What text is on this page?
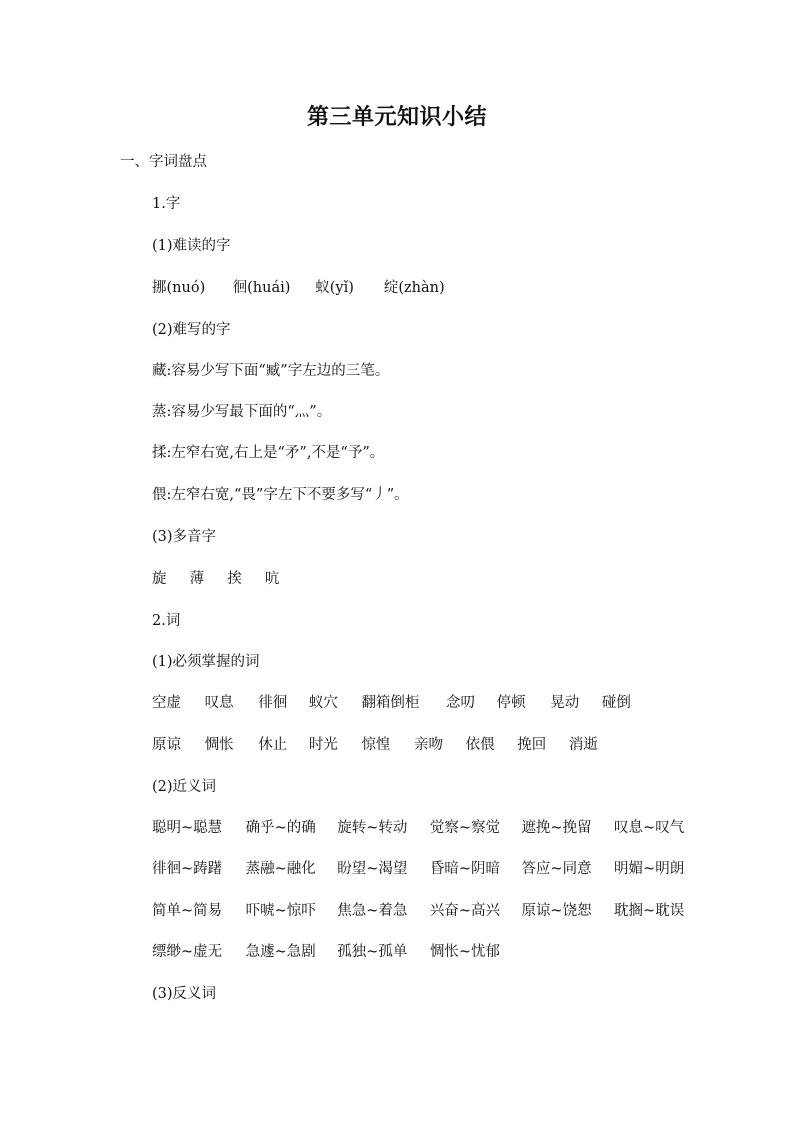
第三单元知识小结
一、字词盘点
1.字
(1)难读的字
挪(nuó) 徊(huái) 蚁(yǐ) 绽(zhàn)
(2)难写的字
藏:容易少写下面“臧”字左边的三笔。
蒸:容易少写最下面的“灬”。
揉:左窄右宽,右上是“矛”,不是“予”。
偎:左窄右宽,“畏”字左下不要多写“丿”。
(3)多音字
旋 薄 挨 吭
2.词
(1)必须掌握的词
空虚 叹息 徘徊 蚁穴 翻箱倒柜 念叨 停顿 晃动 碰倒
原谅 惆怅 休止 时光 惊惶 亲吻 依偎 挽回 消逝
(2)近义词
聪明~聪慧 确乎~的确 旋转~转动 觉察~察觉 遮挽~挽留 叹息~叹气
徘徊~踌躇 蒸融~融化 盼望~渴望 昏暗~阴暗 答应~同意 明媚~明朗
简单~简易 吓唬~惊吓 焦急~着急 兴奋~高兴 原谅~饶恕 耽搁~耽误
缥缈~虚无 急遽~急剧 孤独~孤单 惆怅~忧郁
(3)反义词
